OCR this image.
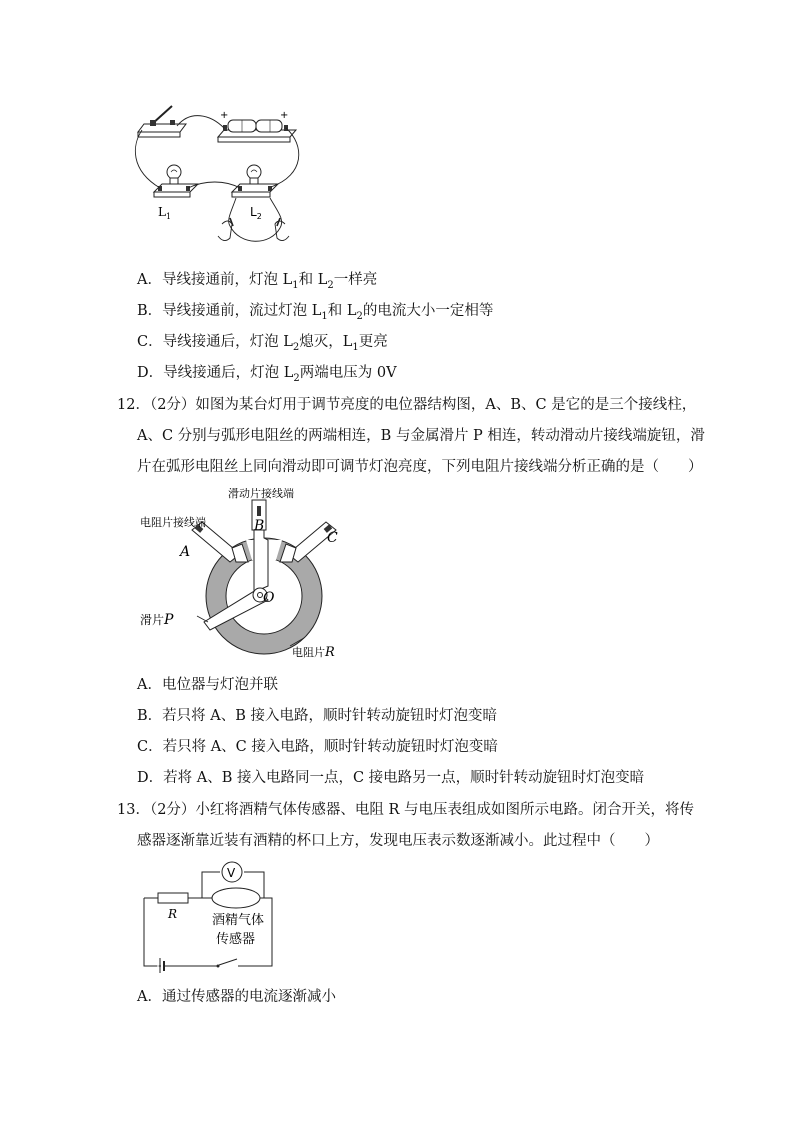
+	+
$L_1$	$L_2$
A．导线接通前，灯泡 $L_1$和 $L_2$一样亮
B．导线接通前，流过灯泡 $L_1$和 $L_2$的电流大小一定相等
C．导线接通后，灯泡 $L_2$熄灭，$L_1$更亮
D．导线接通后，灯泡 $L_2$两端电压为 0V
12．（2分）如图为某台灯用于调节亮度的电位器结构图，A、B、C 是它的是三个接线柱，
A、C 分别与弧形电阻丝的两端相连，B 与金属滑片 P 相连，转动滑动片接线端旋钮，滑
片在弧形电阻丝上同向滑动即可调节灯泡亮度，下列电阻片接线端分析正确的是（　　）
滑动片接线端
B
电阻片接线端
A
C
O
滑片P
电阻片R
A．电位器与灯泡并联
B．若只将 A、B 接入电路，顺时针转动旋钮时灯泡变暗
C．若只将 A、C 接入电路，顺时针转动旋钮时灯泡变暗
D．若将 A、B 接入电路同一点，C 接电路另一点，顺时针转动旋钮时灯泡变暗
13．（2分）小红将酒精气体传感器、电阻 R 与电压表组成如图所示电路。闭合开关，将传
感器逐渐靠近装有酒精的杯口上方，发现电压表示数逐渐减小。此过程中（　　）
V
R	酒精气体
传感器
A．通过传感器的电流逐渐减小
